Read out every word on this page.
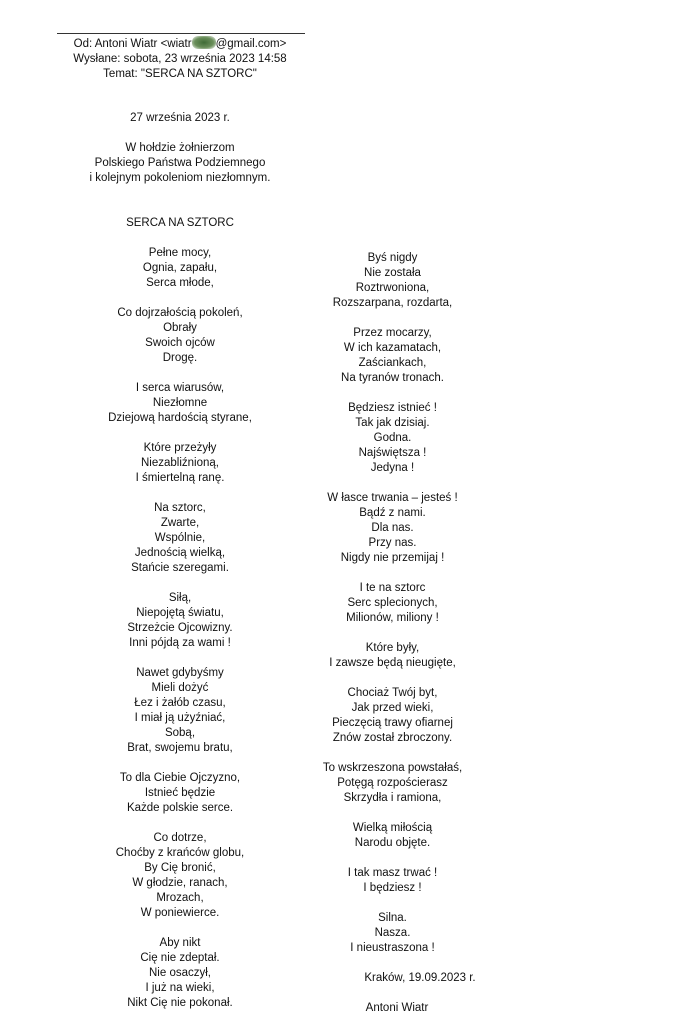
Od: Antoni Wiatr <wiatr @gmail.com>
Wysłane: sobota, 23 września 2023 14:58
Temat: "SERCA NA SZTORC"
27 września 2023 r.
W hołdzie żołnierzom
Polskiego Państwa Podziemnego
i kolejnym pokoleniom niezłomnym.
SERCA NA SZTORC
Pełne mocy,
Ognia, zapału,
Serca młode,
Co dojrzałością pokoleń,
Obrały
Swoich ojców
Drogę.
I serca wiarusów,
Niezłomne
Dziejową hardością styrane,
Które przeżyły
Niezabliźnioną,
I śmiertelną ranę.
Na sztorc,
Zwarte,
Wspólnie,
Jednością wielką,
Stańcie szeregami.
Siłą,
Niepojętą światu,
Strzeżcie Ojcowizny.
Inni pójdą za wami !
Nawet gdybyśmy
Mieli dożyć
Łez i żałób czasu,
I miał ją użyźniać,
Sobą,
Brat, swojemu bratu,
To dla Ciebie Ojczyzno,
Istnieć będzie
Każde polskie serce.
Co dotrze,
Choćby z krańców globu,
By Cię bronić,
W głodzie, ranach,
Mrozach,
W poniewierce.
Aby nikt
Cię nie zdeptał.
Nie osaczył,
I już na wieki,
Nikt Cię nie pokonał.
Byś nigdy
Nie została
Roztrwoniona,
Rozszarpana, rozdarta,
Przez mocarzy,
W ich kazamatach,
Zaściankach,
Na tyranów tronach.
Będziesz istnieć !
Tak jak dzisiaj.
Godna.
Najświętsza !
Jedyna !
W łasce trwania – jesteś !
Bądź z nami.
Dla nas.
Przy nas.
Nigdy nie przemijaj !
I te na sztorc
Serc splecionych,
Milionów, miliony !
Które były,
I zawsze będą nieugięte,
Chociaż Twój byt,
Jak przed wieki,
Pieczęcią trawy ofiarnej
Znów został zbroczony.
To wskrzeszona powstałaś,
Potęgą rozpościerasz
Skrzydła i ramiona,
Wielką miłością
Narodu objęte.
I tak masz trwać !
I będziesz !
Silna.
Nasza.
I nieustraszona !
Kraków, 19.09.2023 r.
Antoni Wiatr
